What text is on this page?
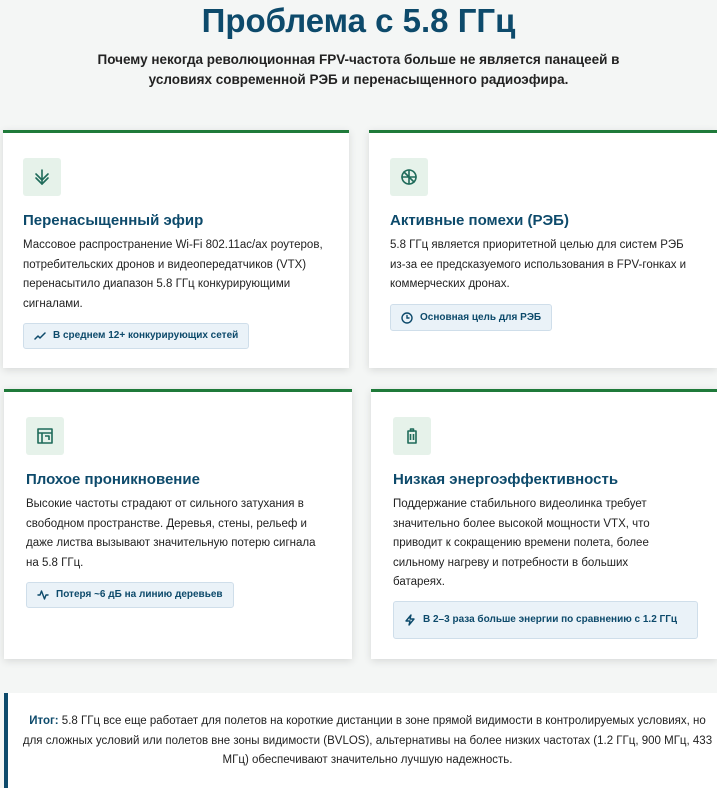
Проблема с 5.8 ГГц
Почему некогда революционная FPV-частота больше не является панацеей в условиях современной РЭБ и перенасыщенного радиоэфира.
Перенасыщенный эфир
Массовое распространение Wi-Fi 802.11ac/ax роутеров, потребительских дронов и видеопередатчиков (VTX) перенасытило диапазон 5.8 ГГц конкурирующими сигналами.
В среднем 12+ конкурирующих сетей
Активные помехи (РЭБ)
5.8 ГГц является приоритетной целью для систем РЭБ из-за ее предсказуемого использования в FPV-гонках и коммерческих дронах.
Основная цель для РЭБ
Плохое проникновение
Высокие частоты страдают от сильного затухания в свободном пространстве. Деревья, стены, рельеф и даже листва вызывают значительную потерю сигнала на 5.8 ГГц.
Потеря ~6 дБ на линию деревьев
Низкая энергоэффективность
Поддержание стабильного видеолинка требует значительно более высокой мощности VTX, что приводит к сокращению времени полета, более сильному нагреву и потребности в больших батареях.
В 2–3 раза больше энергии по сравнению с 1.2 ГГц
Итог: 5.8 ГГц все еще работает для полетов на короткие дистанции в зоне прямой видимости в контролируемых условиях, но для сложных условий или полетов вне зоны видимости (BVLOS), альтернативы на более низких частотах (1.2 ГГц, 900 МГц, 433 МГц) обеспечивают значительно лучшую надежность.
